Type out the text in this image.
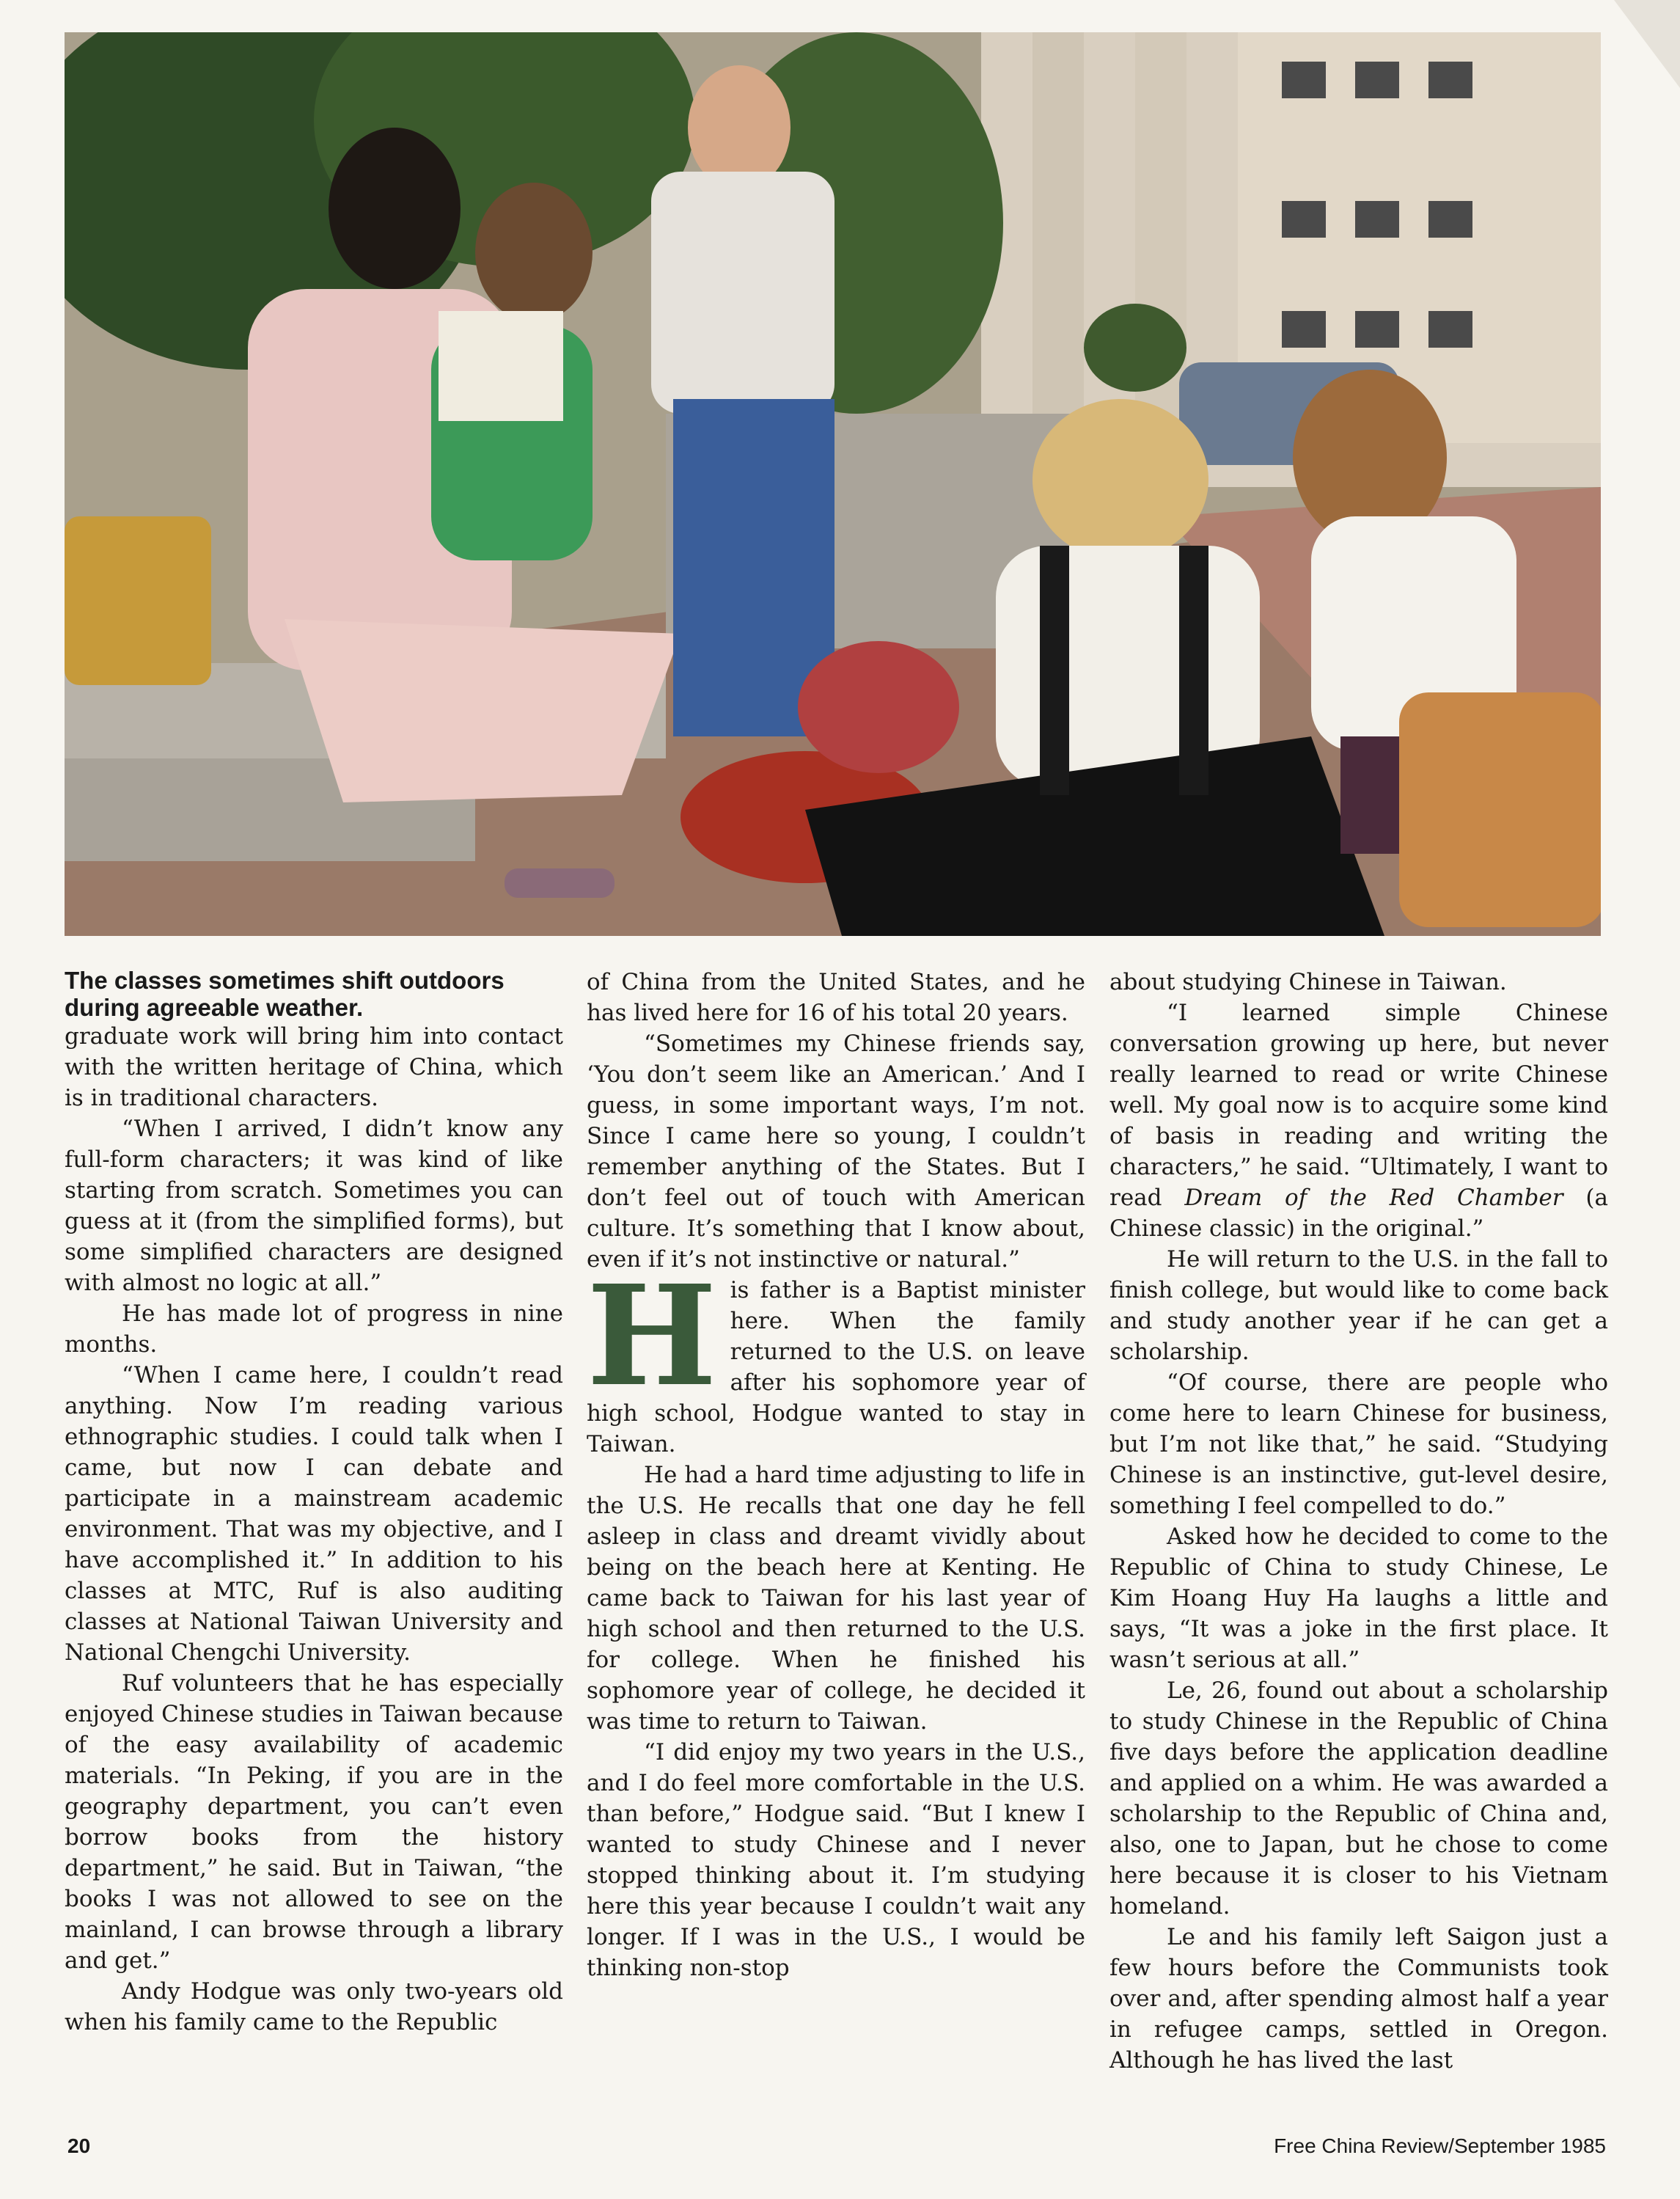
The classes sometimes shift outdoors during agreeable weather.

graduate work will bring him into contact with the written heritage of China, which is in traditional characters.

“When I arrived, I didn’t know any full-form characters; it was kind of like starting from scratch. Sometimes you can guess at it (from the simplified forms), but some simplified characters are designed with almost no logic at all.”

He has made lot of progress in nine months.

“When I came here, I couldn’t read anything. Now I’m reading various ethnographic studies. I could talk when I came, but now I can debate and participate in a mainstream academic environment. That was my objective, and I have accomplished it.” In addition to his classes at MTC, Ruf is also auditing classes at National Taiwan University and National Chengchi University.

Ruf volunteers that he has especially enjoyed Chinese studies in Taiwan because of the easy availability of academic materials. “In Peking, if you are in the geography department, you can’t even borrow books from the history department,” he said. But in Taiwan, “the books I was not allowed to see on the mainland, I can browse through a library and get.”

Andy Hodgue was only two-years old when his family came to the Republic

of China from the United States, and he has lived here for 16 of his total 20 years.

“Sometimes my Chinese friends say, ‘You don’t seem like an American.’ And I guess, in some important ways, I’m not. Since I came here so young, I couldn’t remember anything of the States. But I don’t feel out of touch with American culture. It’s something that I know about, even if it’s not instinctive or natural.”

His father is a Baptist minister here. When the family returned to the U.S. on leave after his sophomore year of high school, Hodgue wanted to stay in Taiwan.

He had a hard time adjusting to life in the U.S. He recalls that one day he fell asleep in class and dreamt vividly about being on the beach here at Kenting. He came back to Taiwan for his last year of high school and then returned to the U.S. for college. When he finished his sophomore year of college, he decided it was time to return to Taiwan.

“I did enjoy my two years in the U.S., and I do feel more comfortable in the U.S. than before,” Hodgue said. “But I knew I wanted to study Chinese and I never stopped thinking about it. I’m studying here this year because I couldn’t wait any longer. If I was in the U.S., I would be thinking non-stop

about studying Chinese in Taiwan.

“I learned simple Chinese conversation growing up here, but never really learned to read or write Chinese well. My goal now is to acquire some kind of basis in reading and writing the characters,” he said. “Ultimately, I want to read Dream of the Red Chamber (a Chinese classic) in the original.”

He will return to the U.S. in the fall to finish college, but would like to come back and study another year if he can get a scholarship.

“Of course, there are people who come here to learn Chinese for business, but I’m not like that,” he said. “Studying Chinese is an instinctive, gut-level desire, something I feel compelled to do.”

Asked how he decided to come to the Republic of China to study Chinese, Le Kim Hoang Huy Ha laughs a little and says, “It was a joke in the first place. It wasn’t serious at all.”

Le, 26, found out about a scholarship to study Chinese in the Republic of China five days before the application deadline and applied on a whim. He was awarded a scholarship to the Republic of China and, also, one to Japan, but he chose to come here because it is closer to his Vietnam homeland.

Le and his family left Saigon just a few hours before the Communists took over and, after spending almost half a year in refugee camps, settled in Oregon. Although he has lived the last

20	Free China Review/September 1985
